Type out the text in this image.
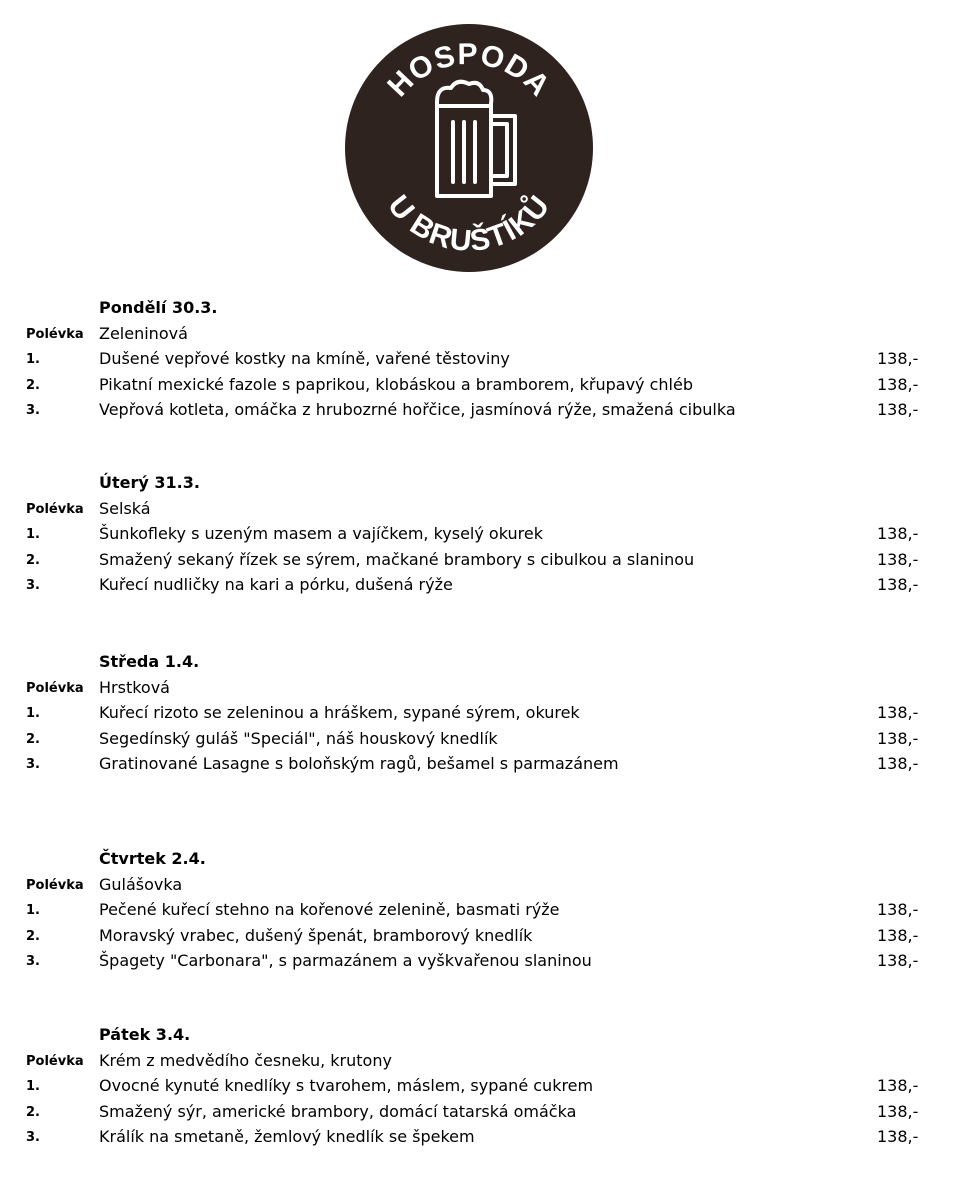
HOSPODA
U BRUŠTÍKŮ
Pondělí 30.3.
Polévka Zeleninová
1.	Dušené vepřové kostky na kmíně, vařené těstoviny	138,-
2.	Pikatní mexické fazole s paprikou, klobáskou a bramborem, křupavý chléb	138,-
3.	Vepřová kotleta, omáčka z hrubozrné hořčice, jasmínová rýže, smažená cibulka	138,-
Úterý 31.3.
Polévka Selská
1.	Šunkofleky s uzeným masem a vajíčkem, kyselý okurek	138,-
2.	Smažený sekaný řízek se sýrem, mačkané brambory s cibulkou a slaninou	138,-
3.	Kuřecí nudličky na kari a pórku, dušená rýže	138,-
Středa 1.4.
Polévka Hrstková
1.	Kuřecí rizoto se zeleninou a hráškem, sypané sýrem, okurek	138,-
2.	Segedínský guláš "Speciál", náš houskový knedlík	138,-
3.	Gratinované Lasagne s boloňským ragů, bešamel s parmazánem	138,-
Čtvrtek 2.4.
Polévka Gulášovka
1.	Pečené kuřecí stehno na kořenové zelenině, basmati rýže	138,-
2.	Moravský vrabec, dušený špenát, bramborový knedlík	138,-
3.	Špagety "Carbonara", s parmazánem a vyškvařenou slaninou	138,-
Pátek 3.4.
Polévka Krém z medvědího česneku, krutony
1.	Ovocné kynuté knedlíky s tvarohem, máslem, sypané cukrem	138,-
2.	Smažený sýr, americké brambory, domácí tatarská omáčka	138,-
3.	Králík na smetaně, žemlový knedlík se špekem	138,-
